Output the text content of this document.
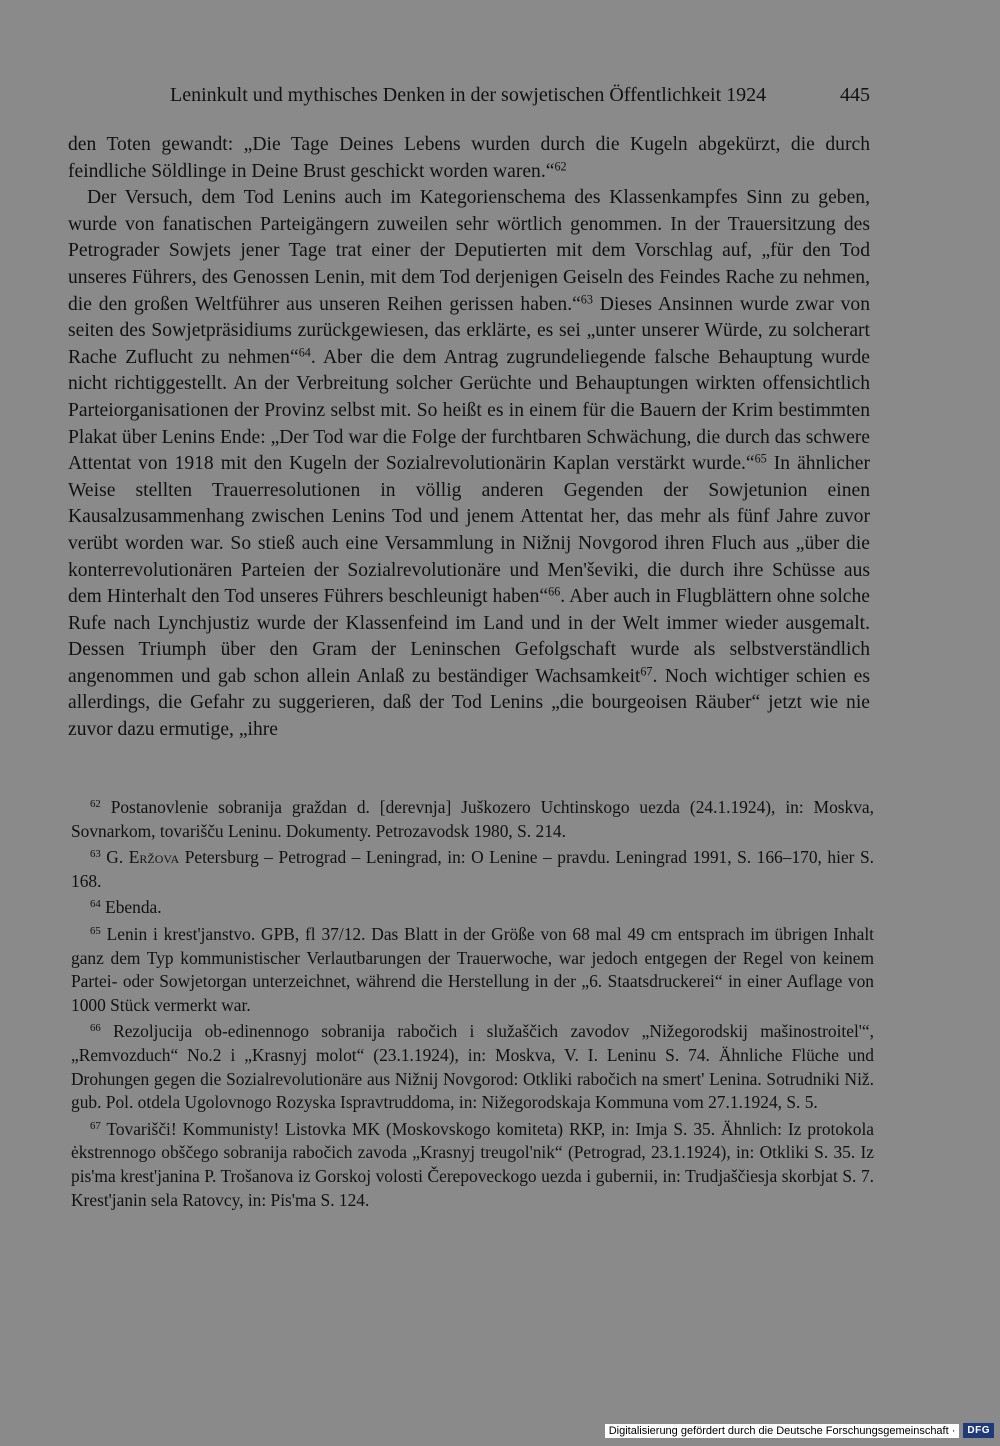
Leninkult und mythisches Denken in der sowjetischen Öffentlichkeit 1924	445

den Toten gewandt: „Die Tage Deines Lebens wurden durch die Kugeln abgekürzt, die durch feindliche Söldlinge in Deine Brust geschickt worden waren.“$^{62}$

Der Versuch, dem Tod Lenins auch im Kategorienschema des Klassenkampfes Sinn zu geben, wurde von fanatischen Parteigängern zuweilen sehr wörtlich genommen. In der Trauersitzung des Petrograder Sowjets jener Tage trat einer der Deputierten mit dem Vorschlag auf, „für den Tod unseres Führers, des Genossen Lenin, mit dem Tod derjenigen Geiseln des Feindes Rache zu nehmen, die den großen Weltführer aus unseren Reihen gerissen haben.“$^{63}$ Dieses Ansinnen wurde zwar von seiten des Sowjetpräsidiums zurückgewiesen, das erklärte, es sei „unter unserer Würde, zu solcherart Rache Zuflucht zu nehmen“$^{64}$. Aber die dem Antrag zugrundeliegende falsche Behauptung wurde nicht richtiggestellt. An der Verbreitung solcher Gerüchte und Behauptungen wirkten offensichtlich Parteiorganisationen der Provinz selbst mit. So heißt es in einem für die Bauern der Krim bestimmten Plakat über Lenins Ende: „Der Tod war die Folge der furchtbaren Schwächung, die durch das schwere Attentat von 1918 mit den Kugeln der Sozialrevolutionärin Kaplan verstärkt wurde.“$^{65}$ In ähnlicher Weise stellten Trauerresolutionen in völlig anderen Gegenden der Sowjetunion einen Kausalzusammenhang zwischen Lenins Tod und jenem Attentat her, das mehr als fünf Jahre zuvor verübt worden war. So stieß auch eine Versammlung in Nižnij Novgorod ihren Fluch aus „über die konterrevolutionären Parteien der Sozialrevolutionäre und Men'ševiki, die durch ihre Schüsse aus dem Hinterhalt den Tod unseres Führers beschleunigt haben“$^{66}$. Aber auch in Flugblättern ohne solche Rufe nach Lynchjustiz wurde der Klassenfeind im Land und in der Welt immer wieder ausgemalt. Dessen Triumph über den Gram der Leninschen Gefolgschaft wurde als selbstverständlich angenommen und gab schon allein Anlaß zu beständiger Wachsamkeit$^{67}$. Noch wichtiger schien es allerdings, die Gefahr zu suggerieren, daß der Tod Lenins „die bourgeoisen Räuber“ jetzt wie nie zuvor dazu ermutige, „ihre

$^{62}$ Postanovlenie sobranija graždan d. [derevnja] Juškozero Uchtinskogo uezda (24.1.1924), in: Moskva, Sovnarkom, tovarišču Leninu. Dokumenty. Petrozavodsk 1980, S. 214.

$^{63}$ G. Eržova Petersburg – Petrograd – Leningrad, in: O Lenine – pravdu. Leningrad 1991, S. 166–170, hier S. 168.

$^{64}$ Ebenda.

$^{65}$ Lenin i krest'janstvo. GPB, fl 37/12. Das Blatt in der Größe von 68 mal 49 cm entsprach im übrigen Inhalt ganz dem Typ kommunistischer Verlautbarungen der Trauerwoche, war jedoch entgegen der Regel von keinem Partei- oder Sowjetorgan unterzeichnet, während die Herstellung in der „6. Staatsdruckerei“ in einer Auflage von 1000 Stück vermerkt war.

$^{66}$ Rezoljucija ob-edinennogo sobranija rabočich i služaščich zavodov „Nižegorodskij mašinostroitel'“, „Remvozduch“ No.2 i „Krasnyj molot“ (23.1.1924), in: Moskva, V. I. Leninu S. 74. Ähnliche Flüche und Drohungen gegen die Sozialrevolutionäre aus Nižnij Novgorod: Otkliki rabočich na smert' Lenina. Sotrudniki Niž. gub. Pol. otdela Ugolovnogo Rozyska Ispravtruddoma, in: Nižegorodskaja Kommuna vom 27.1.1924, S. 5.

$^{67}$ Tovarišči! Kommunisty! Listovka MK (Moskovskogo komiteta) RKP, in: Imja S. 35. Ähnlich: Iz protokola ėkstrennogo obščego sobranija rabočich zavoda „Krasnyj treugol'nik“ (Petrograd, 23.1.1924), in: Otkliki S. 35. Iz pis'ma krest'janina P. Trošanova iz Gorskoj volosti Čerepoveckogo uezda i gubernii, in: Trudjaščiesja skorbjat S. 7. Krest'janin sela Ratovcy, in: Pis'ma S. 124.

Digitalisierung gefördert durch die Deutsche Forschungsgemeinschaft ·	DFG
